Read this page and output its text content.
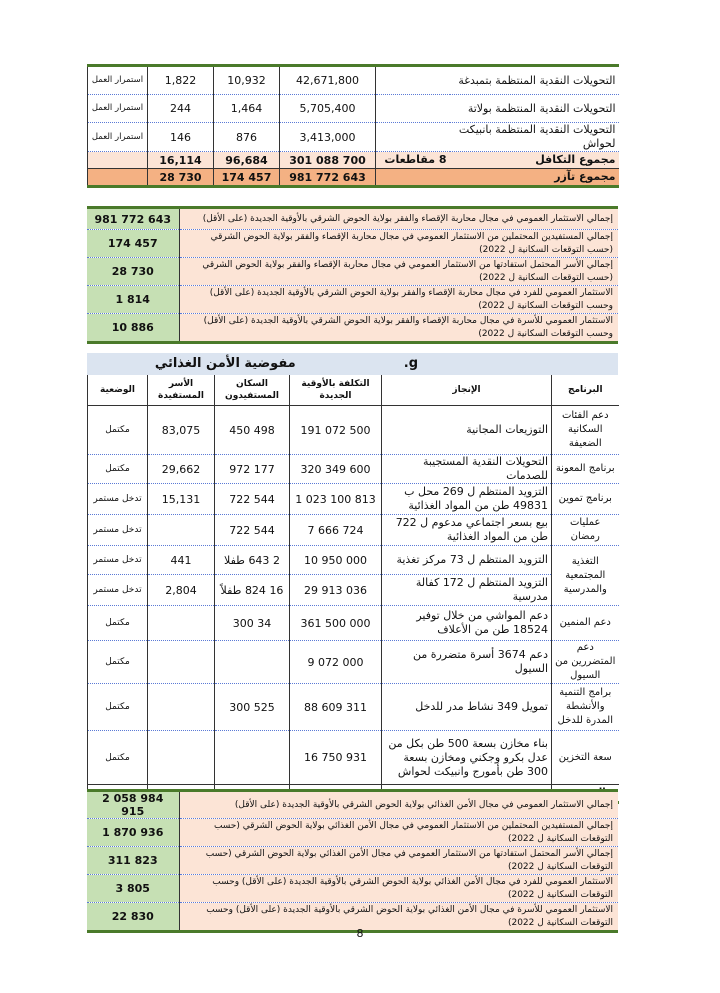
استمرار العمل	1,822	10,932	42,671,800		التحويلات النقدية المنتظمة بتمبدغة
استمرار العمل	244	1,464	5,705,400		التحويلات النقدية المنتظمة بولاتة
استمرار العمل	146	876	3,413,000		التحويلات النقدية المنتظمة بانبيكت لحواش
	16,114	96,684	301 088 700	8 مقاطعات	مجموع التكافل
	28 730	174 457	981 772 643		مجموع تآزر
981 772 643	إجمالي الاستثمار العمومي في مجال محاربة الإقصاء والفقر بولاية الحوض الشرقي بالأوقية الجديدة (على الأقل)
174 457	إجمالي المستفيدين المحتملين من الاستثمار العمومي في مجال محاربة الإقصاء والفقر بولاية الحوض الشرقي (حسب التوقعات السكانية ل 2022)
28 730	إجمالي الأسر المحتمل استفادتها من الاستثمار العمومي في مجال محاربة الإقصاء والفقر بولاية الحوض الشرقي (حسب التوقعات السكانية ل 2022)
1 814	الاستثمار العمومي للفرد في مجال محاربة الإقصاء والفقر بولاية الحوض الشرقي بالأوقية الجديدة (على الأقل) وحسب التوقعات السكانية ل 2022)
10 886	الاستثمار العمومي للأسرة في مجال محاربة الإقصاء والفقر بولاية الحوض الشرقي بالأوقية الجديدة (على الأقل) وحسب التوقعات السكانية ل 2022)
g.مفوضية الأمن الغذائي
الوضعية	الأسر المستفيدة	السكان المستفيدون	التكلفة بالأوقية الجديدة	الإنجاز	البرنامج
مكتمل	83,075	498 450	191 072 500	التوزيعات المجانية	دعم الفئات السكانية الضعيفة
مكتمل	29,662	177 972	320 349 600	التحويلات النقدية المستجيبة للصدمات	برنامج المعونة
تدخل مستمر	15,131	544 722	1 023 100 813	التزويد المنتظم ل 269 محل ب 49831 طن من المواد الغذائية	برنامج تموين
تدخل مستمر		544 722	7 666 724	بيع بسعر اجتماعي مدعوم ل 722 طن من المواد الغذائية	عمليات رمضان
تدخل مستمر	441	2 643 طفلا	10 950 000	التزويد المنتظم ل 73 مركز تغذية	التغذية المجتمعية والمدرسية
تدخل مستمر	2,804	16 824 طفلاً	29 913 036	التزويد المنتظم ل 172 كفالة مدرسية	
مكتمل		34 300	361 500 000	دعم المواشي من خلال توفير 18524 طن من الأعلاف	دعم المنمين
مكتمل			9 072 000	دعم 3674 أسرة متضررة من السيول	دعم المتضررين من السيول
مكتمل		525 300	88 609 311	تمويل 349 نشاط مدر للدخل	برامج التنمية والأنشطة المدرة للدخل
مكتمل			16 750 931	بناء مخازن بسعة 500 طن بكل من عدل بكرو وجكني ومخازن بسعة 300 طن بأمورج وانبيكت لحواش	سعة التخزين

2 058 984 915	إجمالي الاستثمار العمومي في مجال الأمن الغذائي بولاية الحوض الشرقي بالأوقية الجديدة (على الأقل)
1 870 936	إجمالي المستفيدين المحتملين من الاستثمار العمومي في مجال الأمن الغذائي بولاية الحوض الشرقي (حسب التوقعات السكانية ل 2022)
311 823	إجمالي الأسر المحتمل استفادتها من الاستثمار العمومي في مجال الأمن الغذائي بولاية الحوض الشرقي (حسب التوقعات السكانية ل 2022)
3 805	الاستثمار العمومي للفرد في مجال الأمن الغذائي بولاية الحوض الشرقي بالأوقية الجديدة (على الأقل) وحسب التوقعات السكانية ل 2022)
22 830	الاستثمار العمومي للأسرة في مجال الأمن الغذائي بولاية الحوض الشرقي بالأوقية الجديدة (على الأقل) وحسب التوقعات السكانية ل 2022)
8
